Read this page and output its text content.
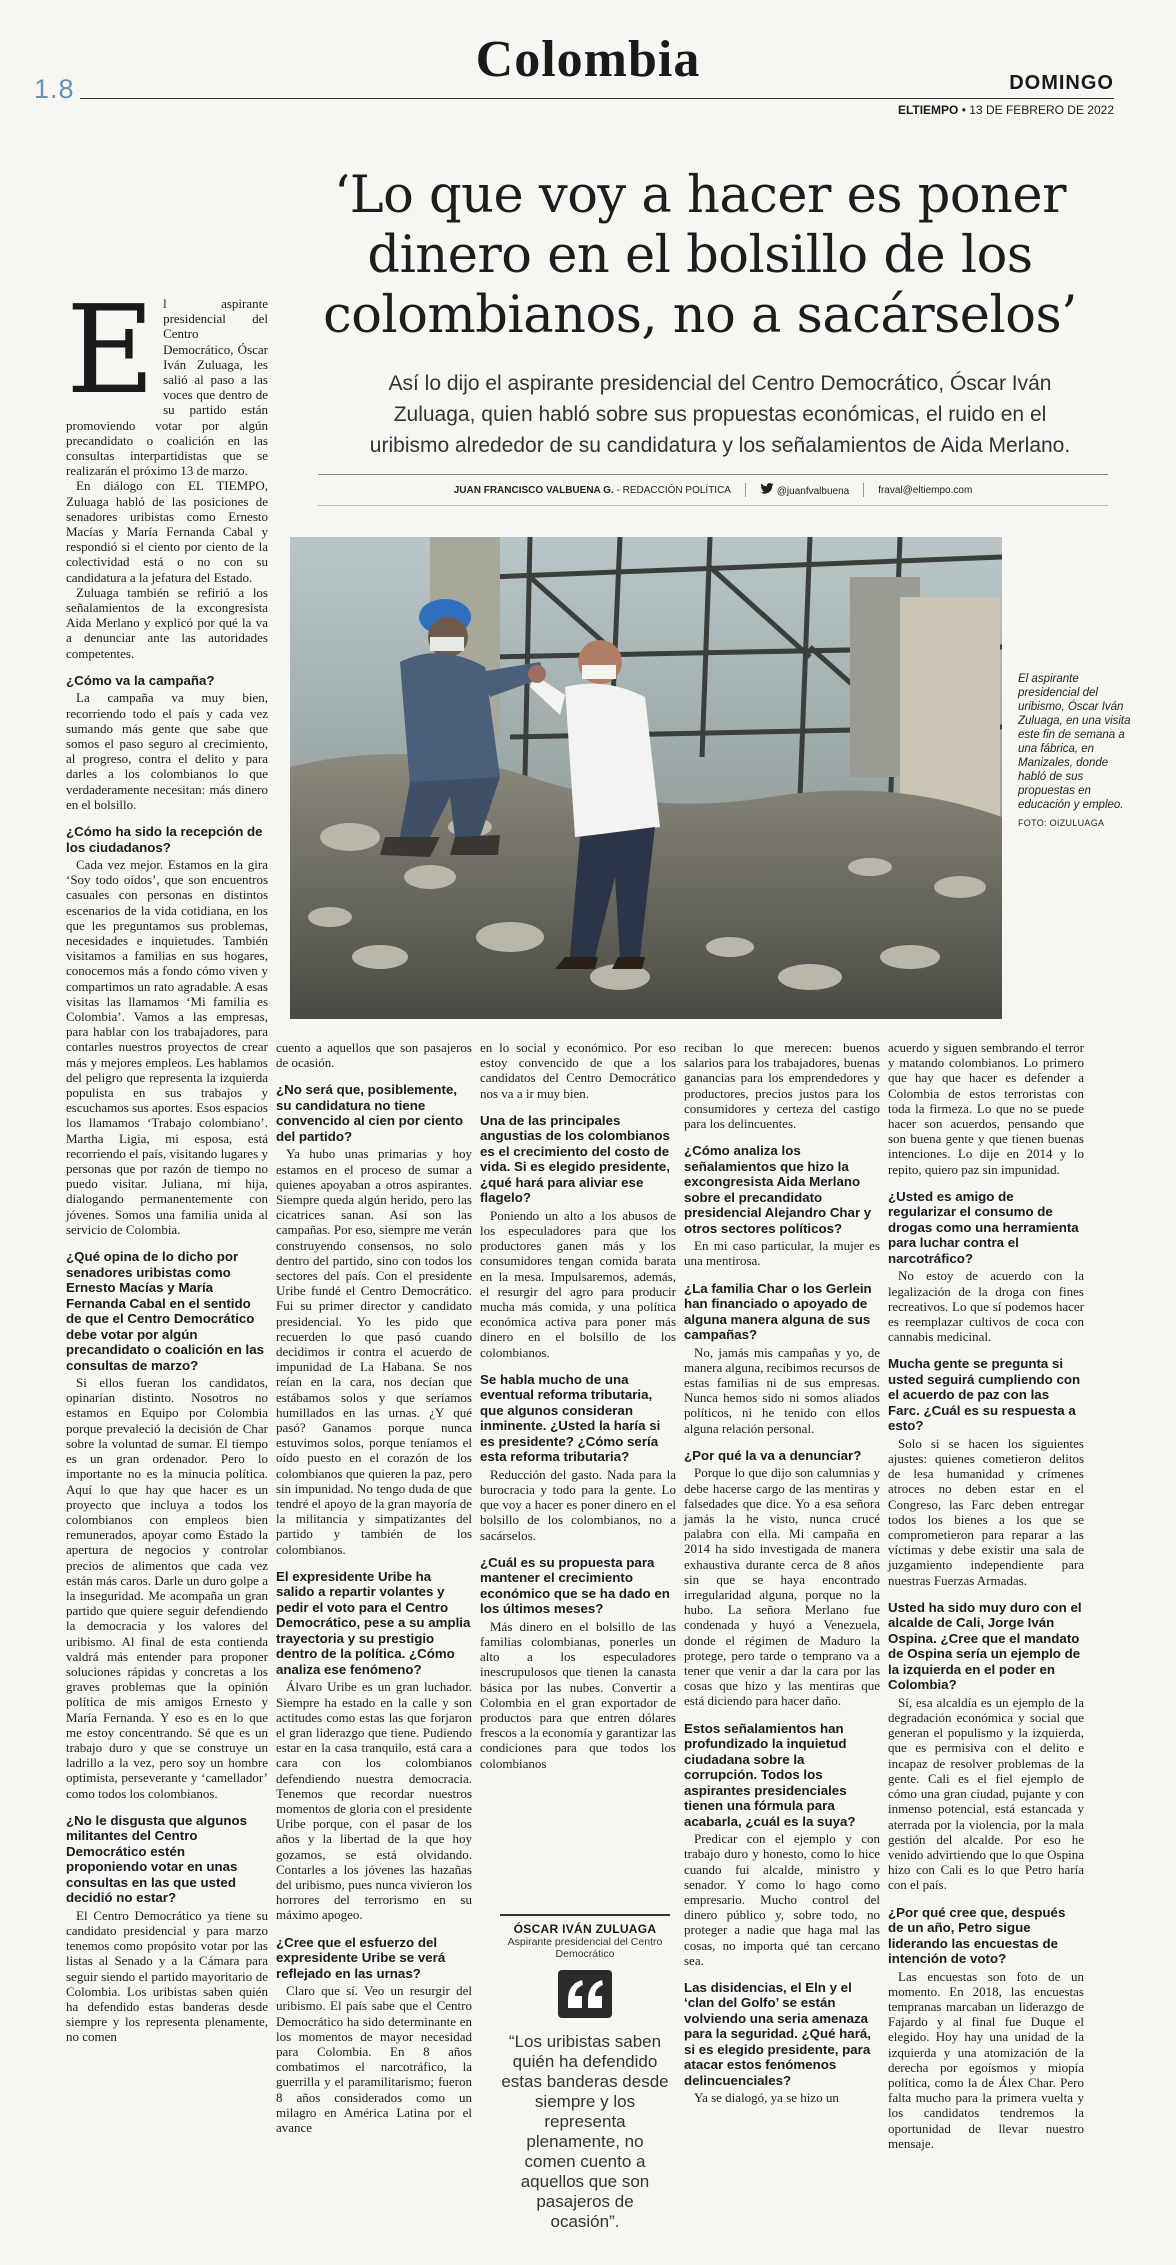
1.8
Colombia	DOMINGO
ELTIEMPO • 13 DE FEBRERO DE 2022
‘Lo que voy a hacer es poner dinero en el bolsillo de los colombianos, no a sacárselos’
Así lo dijo el aspirante presidencial del Centro Democrático, Óscar Iván Zuluaga, quien habló sobre sus propuestas económicas, el ruido en el uribismo alrededor de su candidatura y los señalamientos de Aida Merlano.
JUAN FRANCISCO VALBUENA G. - REDACCIÓN POLÍTICA	@juanfvalbuena	fraval@eltiempo.com
El aspirante presidencial del uribismo, Óscar Iván Zuluaga, en una visita este fin de semana a una fábrica, en Manizales, donde habló de sus propuestas en educación y empleo.
FOTO: OIZULUAGA
E l aspirante presidencial del Centro Democrático, Óscar Iván Zuluaga, les salió al paso a las voces que dentro de su partido están promoviendo votar por algún precandidato o coalición en las consultas interpartidistas que se realizarán el próximo 13 de marzo.

En diálogo con EL TIEMPO, Zuluaga habló de las posiciones de senadores uribistas como Ernesto Macías y María Fernanda Cabal y respondió si el ciento por ciento de la colectividad está o no con su candidatura a la jefatura del Estado.

Zuluaga también se refirió a los señalamientos de la excongresista Aida Merlano y explicó por qué la va a denunciar ante las autoridades competentes.

¿Cómo va la campaña?

La campaña va muy bien, recorriendo todo el país y cada vez sumando más gente que sabe que somos el paso seguro al crecimiento, al progreso, contra el delito y para darles a los colombianos lo que verdaderamente necesitan: más dinero en el bolsillo.

¿Cómo ha sido la recepción de los ciudadanos?

Cada vez mejor. Estamos en la gira ‘Soy todo oídos’, que son encuentros casuales con personas en distintos escenarios de la vida cotidiana, en los que les preguntamos sus problemas, necesidades e inquietudes. También visitamos a familias en sus hogares, conocemos más a fondo cómo viven y compartimos un rato agradable. A esas visitas las llamamos ‘Mi familia es Colombia’. Vamos a las empresas, para hablar con los trabajadores, para contarles nuestros proyectos de crear más y mejores empleos. Les hablamos del peligro que representa la izquierda populista en sus trabajos y escuchamos sus aportes. Esos espacios los llamamos ‘Trabajo colombiano’. Martha Ligia, mi esposa, está recorriendo el país, visitando lugares y personas que por razón de tiempo no puedo visitar. Juliana, mi hija, dialogando permanentemente con jóvenes. Somos una familia unida al servicio de Colombia.

¿Qué opina de lo dicho por senadores uribistas como Ernesto Macías y María Fernanda Cabal en el sentido de que el Centro Democrático debe votar por algún precandidato o coalición en las consultas de marzo?

Si ellos fueran los candidatos, opinarían distinto. Nosotros no estamos en Equipo por Colombia porque prevaleció la decisión de Char sobre la voluntad de sumar. El tiempo es un gran ordenador. Pero lo importante no es la minucia política. Aquí lo que hay que hacer es un proyecto que incluya a todos los colombianos con empleos bien remunerados, apoyar como Estado la apertura de negocios y controlar precios de alimentos que cada vez están más caros. Darle un duro golpe a la inseguridad. Me acompaña un gran partido que quiere seguir defendiendo la democracia y los valores del uribismo. Al final de esta contienda valdrá más entender para proponer soluciones rápidas y concretas a los graves problemas que la opinión política de mis amigos Ernesto y María Fernanda. Y eso es en lo que me estoy concentrando. Sé que es un trabajo duro y que se construye un ladrillo a la vez, pero soy un hombre optimista, perseverante y ‘camellador’ como todos los colombianos.

¿No le disgusta que algunos militantes del Centro Democrático estén proponiendo votar en unas consultas en las que usted decidió no estar?

El Centro Democrático ya tiene su candidato presidencial y para marzo tenemos como propósito votar por las listas al Senado y a la Cámara para seguir siendo el partido mayoritario de Colombia. Los uribistas saben quién ha defendido estas banderas desde siempre y los representa plenamente, no comen

cuento a aquellos que son pasajeros de ocasión.

¿No será que, posiblemente, su candidatura no tiene convencido al cien por ciento del partido?

Ya hubo unas primarias y hoy estamos en el proceso de sumar a quienes apoyaban a otros aspirantes. Siempre queda algún herido, pero las cicatrices sanan. Así son las campañas. Por eso, siempre me verán construyendo consensos, no solo dentro del partido, sino con todos los sectores del país. Con el presidente Uribe fundé el Centro Democrático. Fui su primer director y candidato presidencial. Yo les pido que recuerden lo que pasó cuando decidimos ir contra el acuerdo de impunidad de La Habana. Se nos reían en la cara, nos decían que estábamos solos y que seríamos humillados en las urnas. ¿Y qué pasó? Ganamos porque nunca estuvimos solos, porque teníamos el oído puesto en el corazón de los colombianos que quieren la paz, pero sin impunidad. No tengo duda de que tendré el apoyo de la gran mayoría de la militancia y simpatizantes del partido y también de los colombianos.

El expresidente Uribe ha salido a repartir volantes y pedir el voto para el Centro Democrático, pese a su amplia trayectoria y su prestigio dentro de la política. ¿Cómo analiza ese fenómeno?

Álvaro Uribe es un gran luchador. Siempre ha estado en la calle y son actitudes como estas las que forjaron el gran liderazgo que tiene. Pudiendo estar en la casa tranquilo, está cara a cara con los colombianos defendiendo nuestra democracia. Tenemos que recordar nuestros momentos de gloria con el presidente Uribe porque, con el pasar de los años y la libertad de la que hoy gozamos, se está olvidando. Contarles a los jóvenes las hazañas del uribismo, pues nunca vivieron los horrores del terrorismo en su máximo apogeo.

¿Cree que el esfuerzo del expresidente Uribe se verá reflejado en las urnas?

Claro que sí. Veo un resurgir del uribismo. El país sabe que el Centro Democrático ha sido determinante en los momentos de mayor necesidad para Colombia. En 8 años combatimos el narcotráfico, la guerrilla y el paramilitarismo; fueron 8 años considerados como un milagro en América Latina por el avance

en lo social y económico. Por eso estoy convencido de que a los candidatos del Centro Democrático nos va a ir muy bien.

Una de las principales angustias de los colombianos es el crecimiento del costo de vida. Si es elegido presidente, ¿qué hará para aliviar ese flagelo?

Poniendo un alto a los abusos de los especuladores para que los productores ganen más y los consumidores tengan comida barata en la mesa. Impulsaremos, además, el resurgir del agro para producir mucha más comida, y una política económica activa para poner más dinero en el bolsillo de los colombianos.

Se habla mucho de una eventual reforma tributaria, que algunos consideran inminente. ¿Usted la haría si es presidente? ¿Cómo sería esta reforma tributaria?

Reducción del gasto. Nada para la burocracia y todo para la gente. Lo que voy a hacer es poner dinero en el bolsillo de los colombianos, no a sacárselos.

¿Cuál es su propuesta para mantener el crecimiento económico que se ha dado en los últimos meses?

Más dinero en el bolsillo de las familias colombianas, ponerles un alto a los especuladores inescrupulosos que tienen la canasta básica por las nubes. Convertir a Colombia en el gran exportador de productos para que entren dólares frescos a la economía y garantizar las condiciones para que todos los colombianos

ÓSCAR IVÁN ZULUAGA
Aspirante presidencial del Centro Democrático
“Los uribistas saben quién ha defendido estas banderas desde siempre y los representa plenamente, no comen cuento a aquellos que son pasajeros de ocasión”.

reciban lo que merecen: buenos salarios para los trabajadores, buenas ganancias para los emprendedores y productores, precios justos para los consumidores y certeza del castigo para los delincuentes.

¿Cómo analiza los señalamientos que hizo la excongresista Aida Merlano sobre el precandidato presidencial Alejandro Char y otros sectores políticos?

En mi caso particular, la mujer es una mentirosa.

¿La familia Char o los Gerlein han financiado o apoyado de alguna manera alguna de sus campañas?

No, jamás mis campañas y yo, de manera alguna, recibimos recursos de estas familias ni de sus empresas. Nunca hemos sido ni somos aliados políticos, ni he tenido con ellos alguna relación personal.

¿Por qué la va a denunciar?

Porque lo que dijo son calumnias y debe hacerse cargo de las mentiras y falsedades que dice. Yo a esa señora jamás la he visto, nunca crucé palabra con ella. Mi campaña en 2014 ha sido investigada de manera exhaustiva durante cerca de 8 años sin que se haya encontrado irregularidad alguna, porque no la hubo. La señora Merlano fue condenada y huyó a Venezuela, donde el régimen de Maduro la protege, pero tarde o temprano va a tener que venir a dar la cara por las cosas que hizo y las mentiras que está diciendo para hacer daño.

Estos señalamientos han profundizado la inquietud ciudadana sobre la corrupción. Todos los aspirantes presidenciales tienen una fórmula para acabarla, ¿cuál es la suya?

Predicar con el ejemplo y con trabajo duro y honesto, como lo hice cuando fui alcalde, ministro y senador. Y como lo hago como empresario. Mucho control del dinero público y, sobre todo, no proteger a nadie que haga mal las cosas, no importa qué tan cercano sea.

Las disidencias, el Eln y el ‘clan del Golfo’ se están volviendo una seria amenaza para la seguridad. ¿Qué hará, si es elegido presidente, para atacar estos fenómenos delincuenciales?

Ya se dialogó, ya se hizo un

acuerdo y siguen sembrando el terror y matando colombianos. Lo primero que hay que hacer es defender a Colombia de estos terroristas con toda la firmeza. Lo que no se puede hacer son acuerdos, pensando que son buena gente y que tienen buenas intenciones. Lo dije en 2014 y lo repito, quiero paz sin impunidad.

¿Usted es amigo de regularizar el consumo de drogas como una herramienta para luchar contra el narcotráfico?

No estoy de acuerdo con la legalización de la droga con fines recreativos. Lo que sí podemos hacer es reemplazar cultivos de coca con cannabis medicinal.

Mucha gente se pregunta si usted seguirá cumpliendo con el acuerdo de paz con las Farc. ¿Cuál es su respuesta a esto?

Solo si se hacen los siguientes ajustes: quienes cometieron delitos de lesa humanidad y crímenes atroces no deben estar en el Congreso, las Farc deben entregar todos los bienes a los que se comprometieron para reparar a las víctimas y debe existir una sala de juzgamiento independiente para nuestras Fuerzas Armadas.

Usted ha sido muy duro con el alcalde de Cali, Jorge Iván Ospina. ¿Cree que el mandato de Ospina sería un ejemplo de la izquierda en el poder en Colombia?

Sí, esa alcaldía es un ejemplo de la degradación económica y social que generan el populismo y la izquierda, que es permisiva con el delito e incapaz de resolver problemas de la gente. Cali es el fiel ejemplo de cómo una gran ciudad, pujante y con inmenso potencial, está estancada y aterrada por la violencia, por la mala gestión del alcalde. Por eso he venido advirtiendo que lo que Ospina hizo con Cali es lo que Petro haría con el país.

¿Por qué cree que, después de un año, Petro sigue liderando las encuestas de intención de voto?

Las encuestas son foto de un momento. En 2018, las encuestas tempranas marcaban un liderazgo de Fajardo y al final fue Duque el elegido. Hoy hay una unidad de la izquierda y una atomización de la derecha por egoísmos y miopía política, como la de Álex Char. Pero falta mucho para la primera vuelta y los candidatos tendremos la oportunidad de llevar nuestro mensaje.
